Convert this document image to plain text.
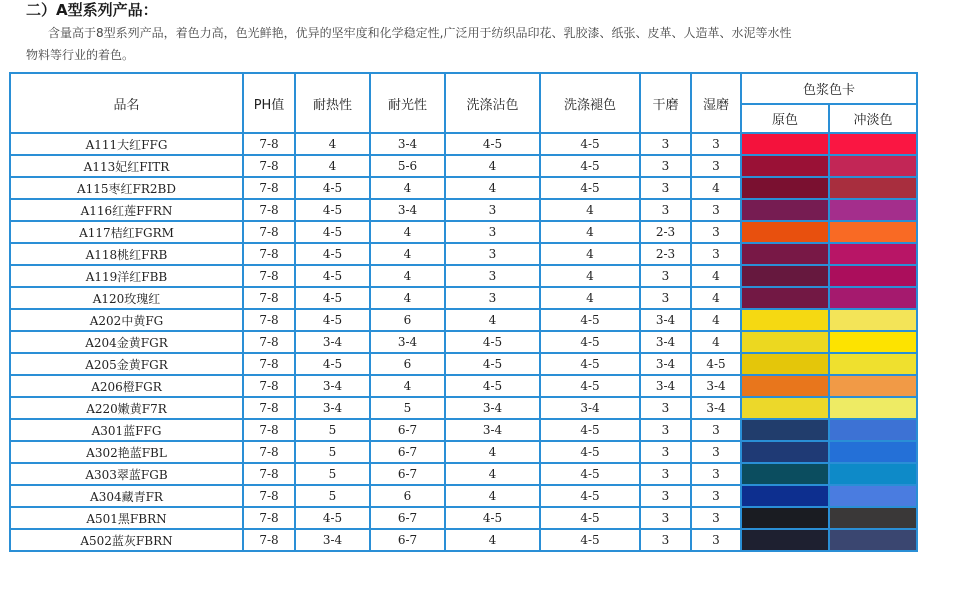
二）A型系列产品：
含量高于8型系列产品，着色力高，色光鲜艳，优异的坚牢度和化学稳定性,广泛用于纺织品印花、乳胶漆、纸张、皮革、人造革、水泥等水性
物料等行业的着色。
品名	PH值	耐热性	耐光性	洗涤沾色	洗涤褪色	干磨	湿磨	色浆色卡	
								原色	冲淡色
A111大红FFG	7-8	4	3-4	4-5	4-5	3	3	

A113妃红FITR	7-8	4	5-6	4	4-5	3	3	

A115枣红FR2BD	7-8	4-5	4	4	4-5	3	4	

A116红莲FFRN	7-8	4-5	3-4	3	4	3	3	

A117桔红FGRM	7-8	4-5	4	3	4	2-3	3	

A118桃红FRB	7-8	4-5	4	3	4	2-3	3	

A119洋红FBB	7-8	4-5	4	3	4	3	4	

A120玫瑰红	7-8	4-5	4	3	4	3	4	

A202中黄FG	7-8	4-5	6	4	4-5	3-4	4	

A204金黄FGR	7-8	3-4	3-4	4-5	4-5	3-4	4	

A205金黄FGR	7-8	4-5	6	4-5	4-5	3-4	4-5	

A206橙FGR	7-8	3-4	4	4-5	4-5	3-4	3-4	

A220嫩黄F7R	7-8	3-4	5	3-4	3-4	3	3-4	

A301蓝FFG	7-8	5	6-7	3-4	4-5	3	3	

A302艳蓝FBL	7-8	5	6-7	4	4-5	3	3	

A303翠蓝FGB	7-8	5	6-7	4	4-5	3	3	

A304藏青FR	7-8	5	6	4	4-5	3	3	

A501黑FBRN	7-8	4-5	6-7	4-5	4-5	3	3	

A502蓝灰FBRN	7-8	3-4	6-7	4	4-5	3	3	
